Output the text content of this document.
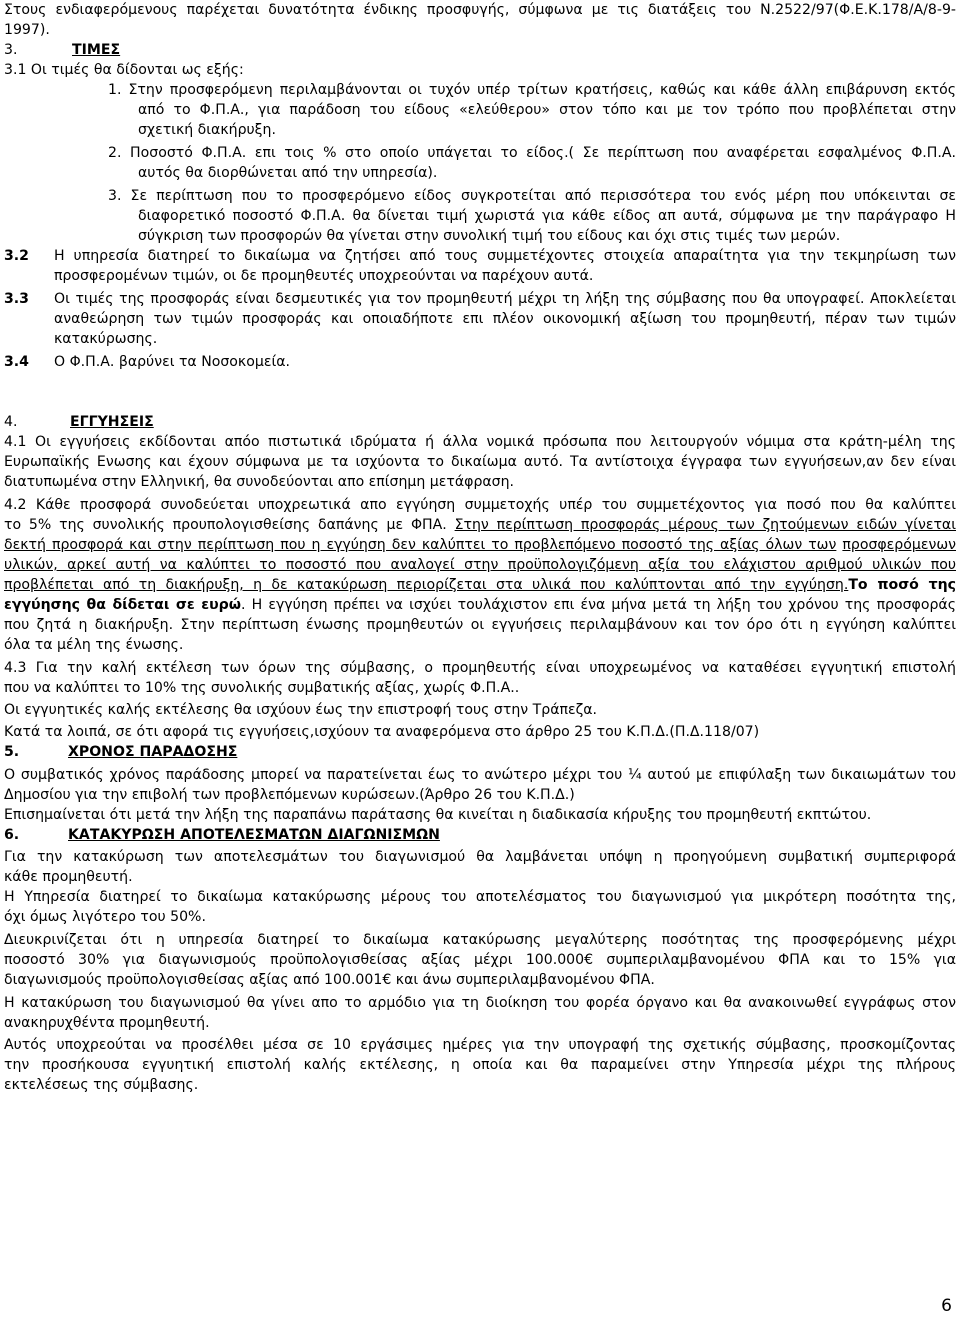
Στους ενδιαφερόμενους παρέχεται δυνατότητα ένδικης προσφυγής, σύμφωνα με τις διατάξεις του Ν.2522/97(Φ.Ε.Κ.178/Α/8-9-
1997).
3.	ΤΙΜΕΣ
3.1 Οι τιμές θα δίδονται ως εξής:
1. Στην προσφερόμενη περιλαμβάνονται οι τυχόν υπέρ τρίτων κρατήσεις, καθώς και κάθε άλλη επιβάρυνση εκτός
από το Φ.Π.Α., για παράδοση του είδους «ελεύθερου» στον τόπο και με τον τρόπο που προβλέπεται στην
σχετική διακήρυξη.
2. Ποσοστό Φ.Π.Α. επι τοις % στο οποίο υπάγεται το είδος.( Σε περίπτωση που αναφέρεται εσφαλμένος Φ.Π.Α.
αυτός θα διορθώνεται από την υπηρεσία).
3. Σε περίπτωση που το προσφερόμενο είδος συγκροτείται από περισσότερα του ενός μέρη που υπόκεινται σε
διαφορετικό ποσοστό Φ.Π.Α. θα δίνεται τιμή χωριστά για κάθε είδος απ αυτά, σύμφωνα με την παράγραφο Η
σύγκριση των προσφορών θα γίνεται στην συνολική τιμή του είδους και όχι στις τιμές των μερών.
3.2 Η υπηρεσία διατηρεί το δικαίωμα να ζητήσει από τους συμμετέχοντες στοιχεία απαραίτητα για την τεκμηρίωση των
προσφερομένων τιμών, οι δε προμηθευτές υποχρεούνται να παρέχουν αυτά.
3.3 Οι τιμές της προσφοράς είναι δεσμευτικές για τον προμηθευτή μέχρι τη λήξη της σύμβασης που θα υπογραφεί. Αποκλείεται
αναθεώρηση των τιμών προσφοράς και οποιαδήποτε επι πλέον οικονομική αξίωση του προμηθευτή, πέραν των τιμών
κατακύρωσης.
3.4 Ο Φ.Π.Α. βαρύνει τα Νοσοκομεία.
4.	ΕΓΓΥΗΣΕΙΣ
4.1 Οι εγγυήσεις εκδίδονται απόο πιστωτικά ιδρύματα ή άλλα νομικά πρόσωπα που λειτουργούν νόμιμα στα κράτη-μέλη της
Ευρωπαϊκής Ενωσης και έχουν σύμφωνα με τα ισχύοντα το δικαίωμα αυτό. Τα αντίστοιχα έγγραφα των εγγυήσεων,αν δεν είναι
διατυπωμένα στην Ελληνική, θα συνοδεύονται απο επίσημη μετάφραση.
4.2 Κάθε προσφορά συνοδεύεται υποχρεωτικά απο εγγύηση συμμετοχής υπέρ του συμμετέχοντος για ποσό που θα καλύπτει
το 5% της συνολικής προυπολογισθείσης δαπάνης με ΦΠΑ. Στην περίπτωση προσφοράς μέρους των ζητούμενων ειδών γίνεται
δεκτή προσφορά και στην περίπτωση που η εγγύηση δεν καλύπτει το προβλεπόμενο ποσοστό της αξίας όλων των προσφερόμενων
υλικών, αρκεί αυτή να καλύπτει το ποσοστό που αναλογεί στην προϋπολογιζόμενη αξία του ελάχιστου αριθμού υλικών που
προβλέπεται από τη διακήρυξη, η δε κατακύρωση περιορίζεται στα υλικά που καλύπτονται από την εγγύηση.Το ποσό της
εγγύησης θα δίδεται σε ευρώ. Η εγγύηση πρέπει να ισχύει τουλάχιστον επι ένα μήνα μετά τη λήξη του χρόνου της προσφοράς
που ζητά η διακήρυξη. Στην περίπτωση ένωσης προμηθευτών οι εγγυήσεις περιλαμβάνουν και τον όρο ότι η εγγύηση καλύπτει
όλα τα μέλη της ένωσης.
4.3 Για την καλή εκτέλεση των όρων της σύμβασης, ο προμηθευτής είναι υποχρεωμένος να καταθέσει εγγυητική επιστολή
που να καλύπτει το 10% της συνολικής συμβατικής αξίας, χωρίς Φ.Π.Α..
Οι εγγυητικές καλής εκτέλεσης θα ισχύουν έως την επιστροφή τους στην Τράπεζα.
Κατά τα λοιπά, σε ότι αφορά τις εγγυήσεις,ισχύουν τα αναφερόμενα στο άρθρο 25 του Κ.Π.Δ.(Π.Δ.118/07)
5.	ΧΡΟΝΟΣ ΠΑΡΑΔΟΣΗΣ
Ο συμβατικός χρόνος παράδοσης μπορεί να παρατείνεται έως το ανώτερο μέχρι του ¼ αυτού με επιφύλαξη των δικαιωμάτων του
Δημοσίου για την επιβολή των προβλεπόμενων κυρώσεων.(Άρθρο 26 του Κ.Π.Δ.)
Επισημαίνεται ότι μετά την λήξη της παραπάνω παράτασης θα κινείται η διαδικασία κήρυξης του προμηθευτή εκπτώτου.
6.	ΚΑΤΑΚΥΡΩΣΗ ΑΠΟΤΕΛΕΣΜΑΤΩΝ ΔΙΑΓΩΝΙΣΜΩΝ
Για την κατακύρωση των αποτελεσμάτων του διαγωνισμού θα λαμβάνεται υπόψη η προηγούμενη συμβατική συμπεριφορά
κάθε προμηθευτή.
Η Υπηρεσία διατηρεί το δικαίωμα κατακύρωσης μέρους του αποτελέσματος του διαγωνισμού για μικρότερη ποσότητα της,
όχι όμως λιγότερο του 50%.
Διευκρινίζεται ότι η υπηρεσία διατηρεί το δικαίωμα κατακύρωσης μεγαλύτερης ποσότητας της προσφερόμενης μέχρι
ποσοστό 30% για διαγωνισμούς προϋπολογισθείσας αξίας μέχρι 100.000€ συμπεριλαμβανομένου ΦΠΑ και το 15% για
διαγωνισμούς προϋπολογισθείσας αξίας από 100.001€ και άνω συμπεριλαμβανομένου ΦΠΑ.
Η κατακύρωση του διαγωνισμού θα γίνει απο το αρμόδιο για τη διοίκηση του φορέα όργανο και θα ανακοινωθεί εγγράφως στον
ανακηρυχθέντα προμηθευτή.
Αυτός υποχρεούται να προσέλθει μέσα σε 10 εργάσιμες ημέρες για την υπογραφή της σχετικής σύμβασης, προσκομίζοντας
την προσήκουσα εγγυητική επιστολή καλής εκτέλεσης, η οποία και θα παραμείνει στην Υπηρεσία μέχρι της πλήρους
εκτελέσεως της σύμβασης.
6
